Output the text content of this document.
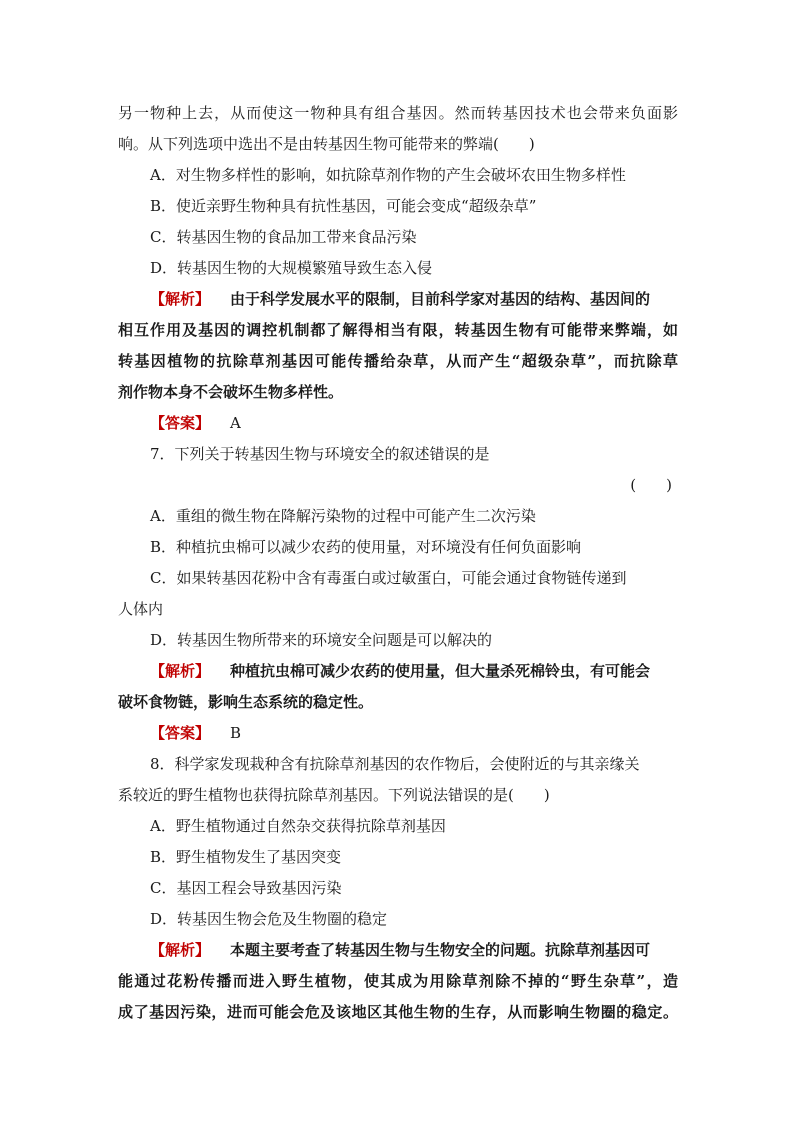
另一物种上去，从而使这一物种具有组合基因。然而转基因技术也会带来负面影
响。从下列选项中选出不是由转基因生物可能带来的弊端(　　)
A．对生物多样性的影响，如抗除草剂作物的产生会破坏农田生物多样性
B．使近亲野生物种具有抗性基因，可能会变成“超级杂草”
C．转基因生物的食品加工带来食品污染
D．转基因生物的大规模繁殖导致生态入侵
【解析】 由于科学发展水平的限制，目前科学家对基因的结构、基因间的
相互作用及基因的调控机制都了解得相当有限，转基因生物有可能带来弊端，如
转基因植物的抗除草剂基因可能传播给杂草，从而产生“超级杂草”，而抗除草
剂作物本身不会破坏生物多样性。
【答案】 A
7．下列关于转基因生物与环境安全的叙述错误的是
(　　)
A．重组的微生物在降解污染物的过程中可能产生二次污染
B．种植抗虫棉可以减少农药的使用量，对环境没有任何负面影响
C．如果转基因花粉中含有毒蛋白或过敏蛋白，可能会通过食物链传递到
人体内
D．转基因生物所带来的环境安全问题是可以解决的
【解析】 种植抗虫棉可减少农药的使用量，但大量杀死棉铃虫，有可能会
破坏食物链，影响生态系统的稳定性。
【答案】 B
8．科学家发现栽种含有抗除草剂基因的农作物后，会使附近的与其亲缘关
系较近的野生植物也获得抗除草剂基因。下列说法错误的是(　　)
A．野生植物通过自然杂交获得抗除草剂基因
B．野生植物发生了基因突变
C．基因工程会导致基因污染
D．转基因生物会危及生物圈的稳定
【解析】 本题主要考查了转基因生物与生物安全的问题。抗除草剂基因可
能通过花粉传播而进入野生植物，使其成为用除草剂除不掉的“野生杂草”，造
成了基因污染，进而可能会危及该地区其他生物的生存，从而影响生物圈的稳定。
